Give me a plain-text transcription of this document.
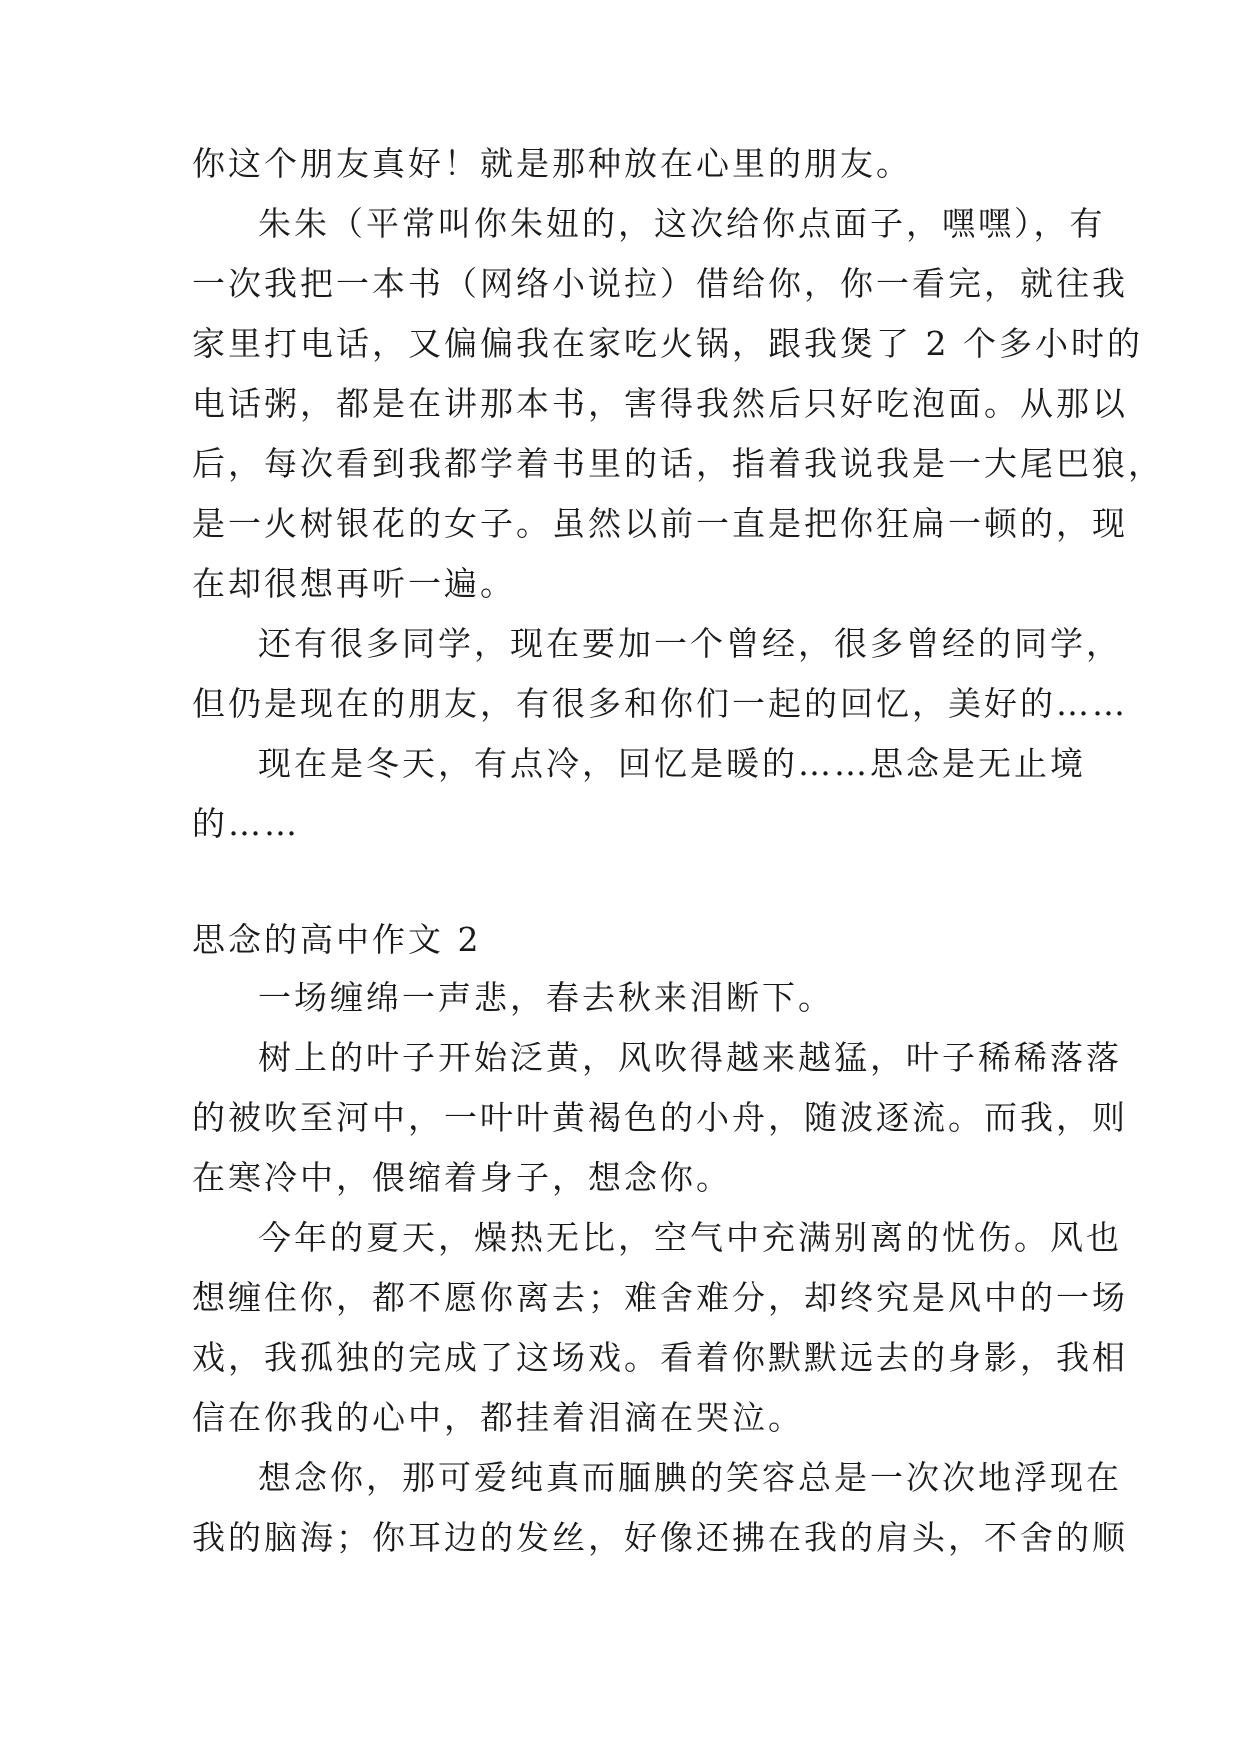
你这个朋友真好！就是那种放在心里的朋友。
朱朱（平常叫你朱妞的，这次给你点面子，嘿嘿），有
一次我把一本书（网络小说拉）借给你，你一看完，就往我
家里打电话，又偏偏我在家吃火锅，跟我煲了 2 个多小时的
电话粥，都是在讲那本书，害得我然后只好吃泡面。从那以
后，每次看到我都学着书里的话，指着我说我是一大尾巴狼，
是一火树银花的女子。虽然以前一直是把你狂扁一顿的，现
在却很想再听一遍。
还有很多同学，现在要加一个曾经，很多曾经的同学，
但仍是现在的朋友，有很多和你们一起的回忆，美好的……
现在是冬天，有点冷，回忆是暖的……思念是无止境
的……
思念的高中作文 2
一场缠绵一声悲，春去秋来泪断下。
树上的叶子开始泛黄，风吹得越来越猛，叶子稀稀落落
的被吹至河中，一叶叶黄褐色的小舟，随波逐流。而我，则
在寒冷中，偎缩着身子，想念你。
今年的夏天，燥热无比，空气中充满别离的忧伤。风也
想缠住你，都不愿你离去；难舍难分，却终究是风中的一场
戏，我孤独的完成了这场戏。看着你默默远去的身影，我相
信在你我的心中，都挂着泪滴在哭泣。
想念你，那可爱纯真而腼腆的笑容总是一次次地浮现在
我的脑海；你耳边的发丝，好像还拂在我的肩头，不舍的顺
